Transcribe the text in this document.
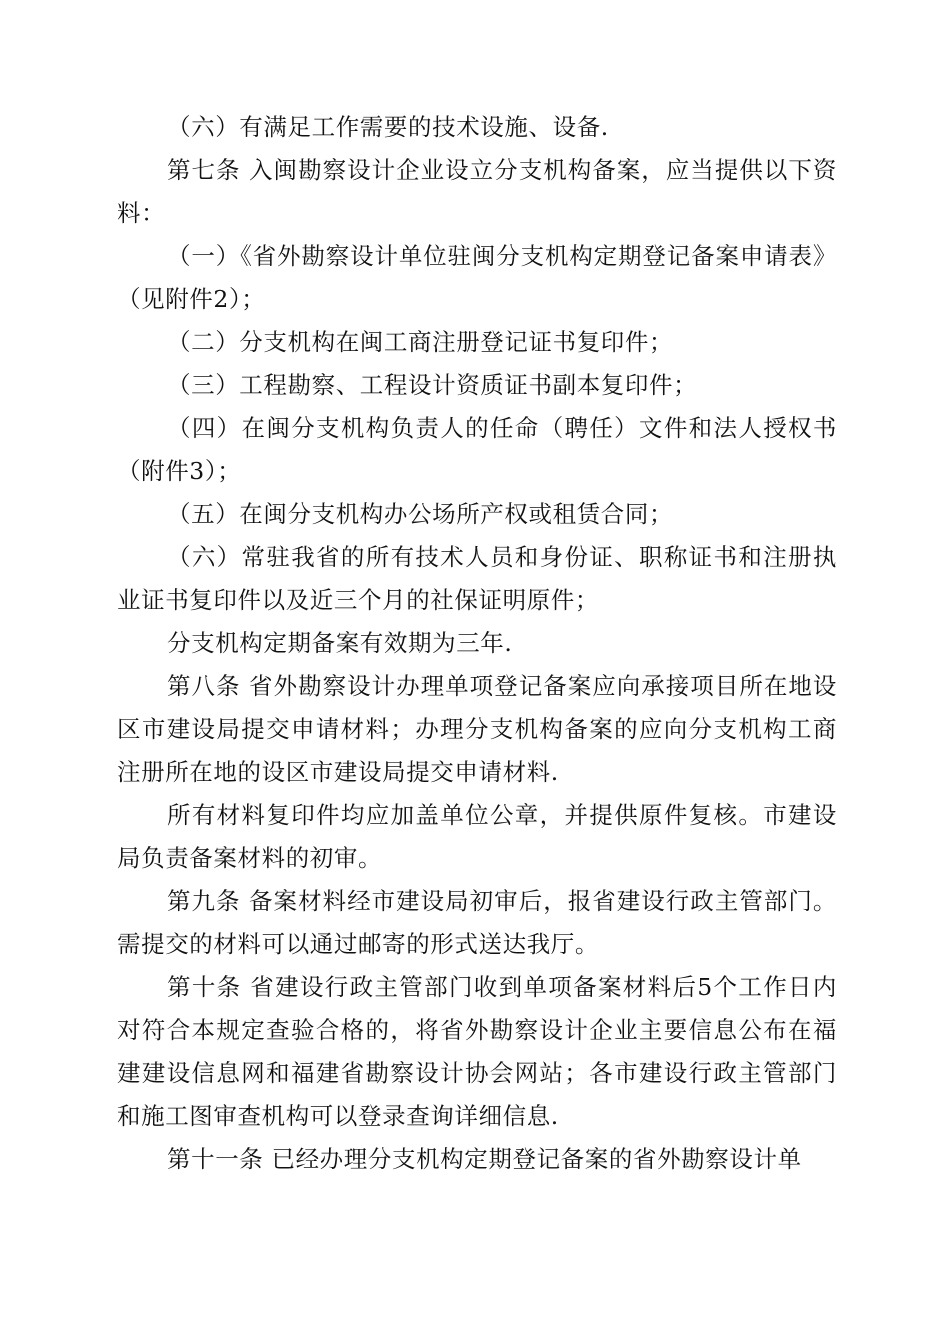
（六）有满足工作需要的技术设施、设备.

第七条 入闽勘察设计企业设立分支机构备案，应当提供以下资料：

（一）《省外勘察设计单位驻闽分支机构定期登记备案申请表》（见附件2）；

（二）分支机构在闽工商注册登记证书复印件；

（三）工程勘察、工程设计资质证书副本复印件；

（四）在闽分支机构负责人的任命（聘任）文件和法人授权书（附件3）；

（五）在闽分支机构办公场所产权或租赁合同；

（六）常驻我省的所有技术人员和身份证、职称证书和注册执业证书复印件以及近三个月的社保证明原件；

分支机构定期备案有效期为三年.

第八条 省外勘察设计办理单项登记备案应向承接项目所在地设区市建设局提交申请材料；办理分支机构备案的应向分支机构工商注册所在地的设区市建设局提交申请材料.

所有材料复印件均应加盖单位公章，并提供原件复核。市建设局负责备案材料的初审。

第九条 备案材料经市建设局初审后，报省建设行政主管部门。需提交的材料可以通过邮寄的形式送达我厅。

第十条 省建设行政主管部门收到单项备案材料后5个工作日内对符合本规定查验合格的，将省外勘察设计企业主要信息公布在福建建设信息网和福建省勘察设计协会网站；各市建设行政主管部门和施工图审查机构可以登录查询详细信息.

第十一条 已经办理分支机构定期登记备案的省外勘察设计单
